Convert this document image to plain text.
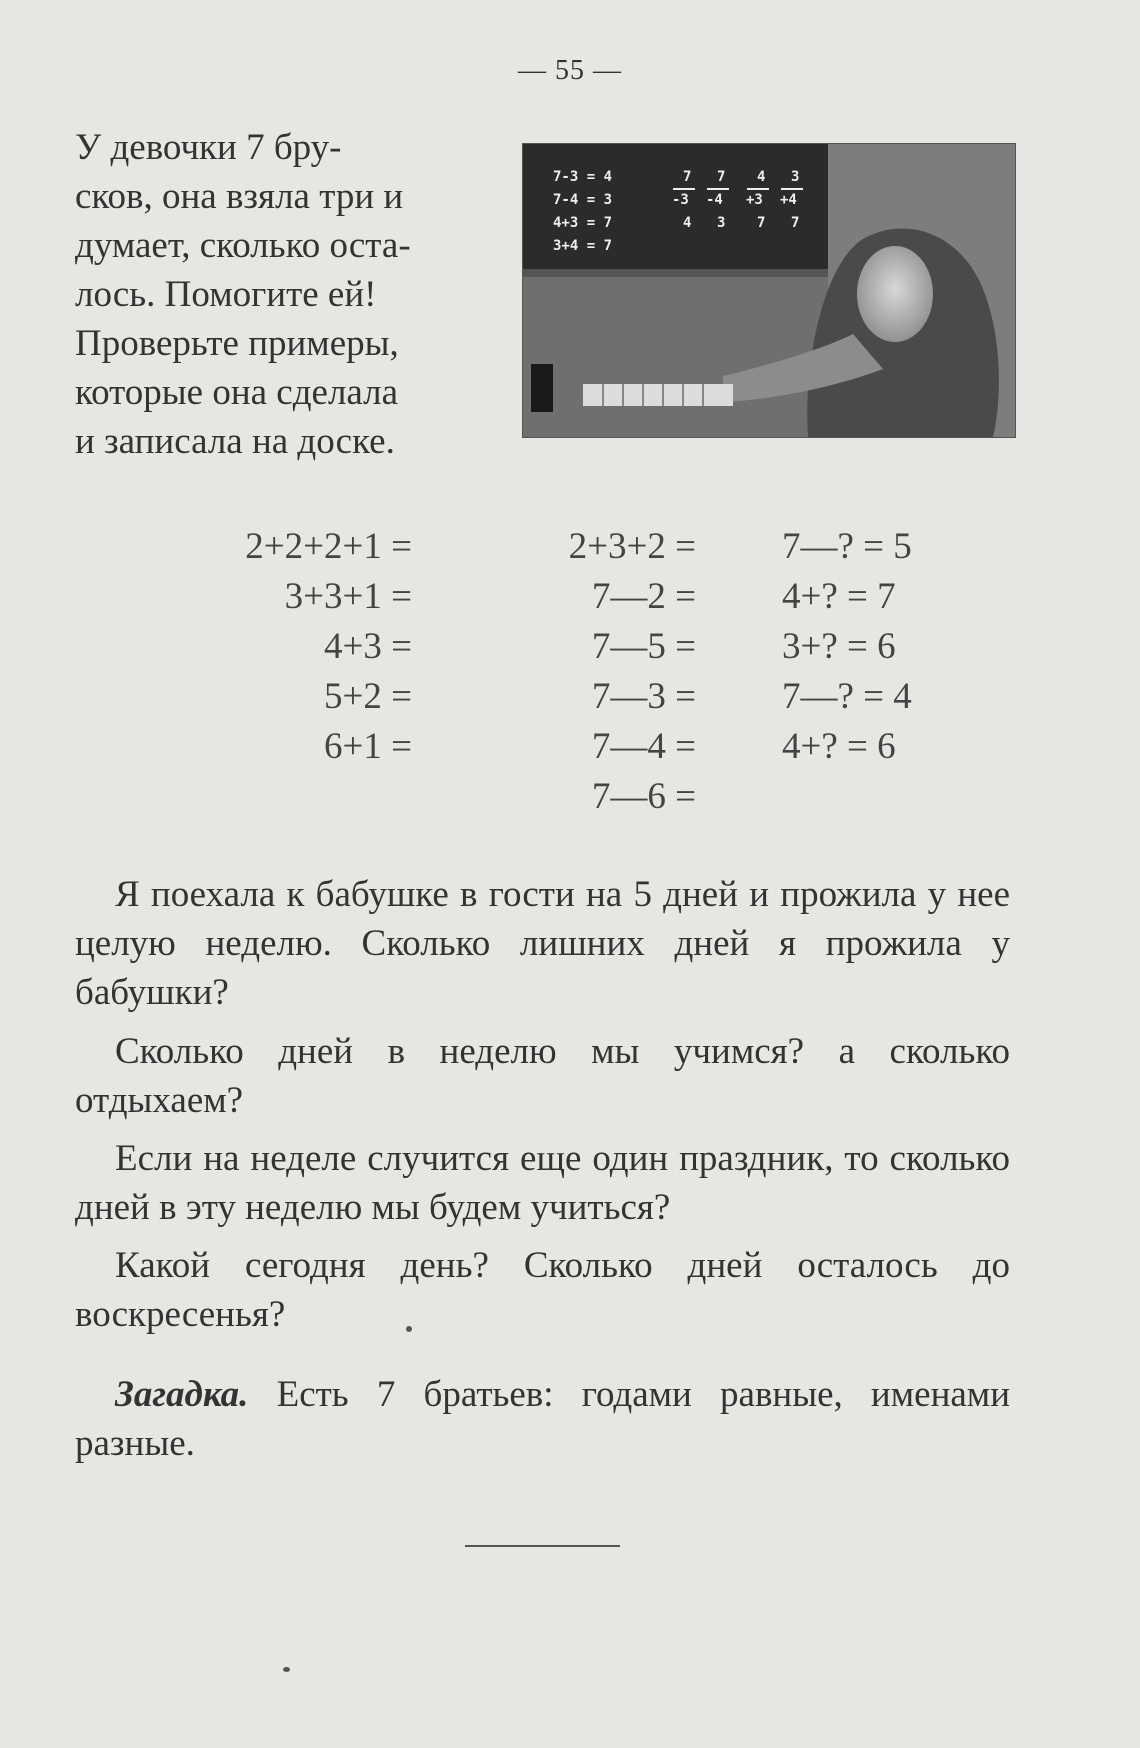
— 55 —
У девочки 7 бру-
сков, она взяла три и
думает, сколько оста-
лось. Помогите ей!
Проверьте примеры,
которые она сделала
и записала на доске.
7-3 = 4
7-4 = 3
4+3 = 7
3+4 = 7
7
-3
4
7
-4
3
4
+3
7
3
+4
7
2+2+2+1 =
3+3+1 =
4+3 =
5+2 =
6+1 =
2+3+2 =
7—2 =
7—5 =
7—3 =
7—4 =
7—6 =
7—? = 5
4+? = 7
3+? = 6
7—? = 4
4+? = 6
Я поехала к бабушке в гости на 5 дней и прожила у нее целую неделю. Сколько лишних дней я прожила у бабушки?
Сколько дней в неделю мы учимся? а сколько отдыхаем?
Если на неделе случится еще один праздник, то сколько дней в эту неделю мы будем учиться?
Какой сегодня день? Сколько дней осталось до воскресенья?
Загадка. Есть 7 братьев: годами равные, именами разные.
